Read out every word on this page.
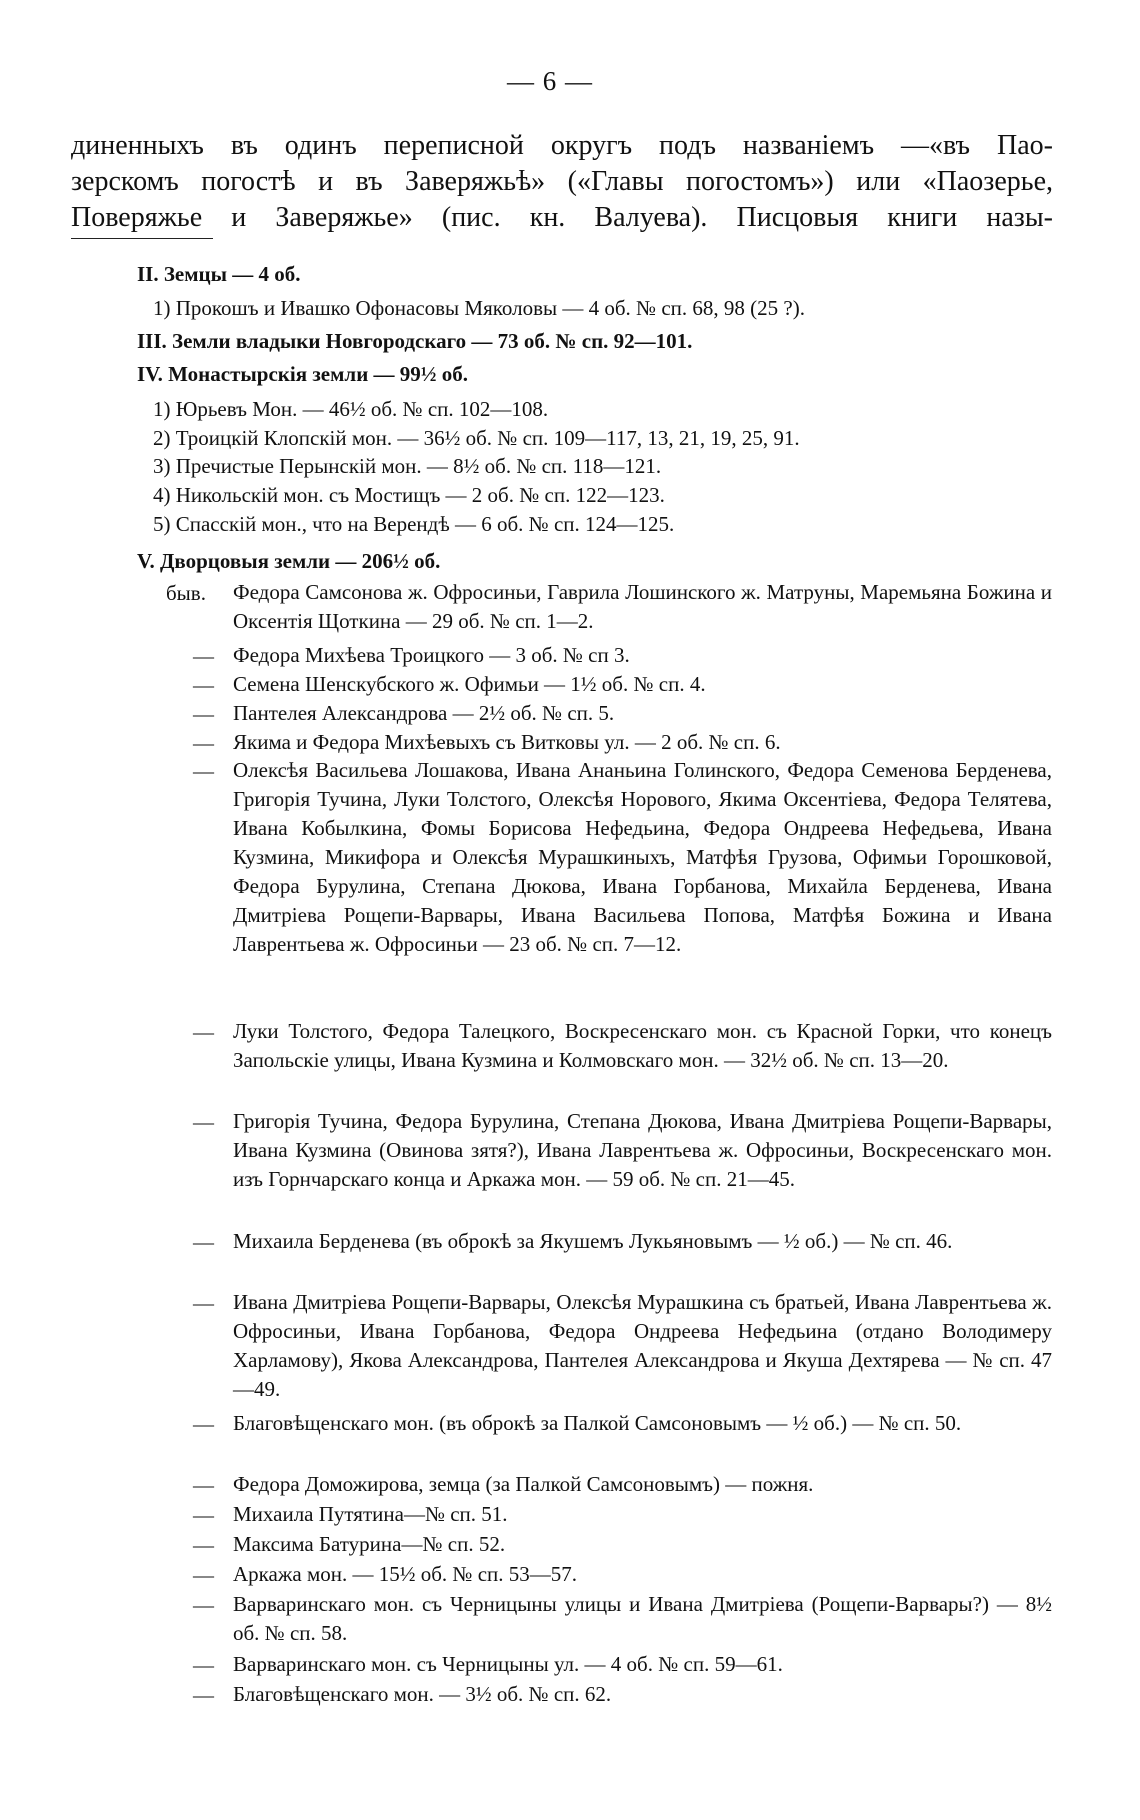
— 6 —
диненныхъ въ одинъ переписной округъ подъ названіемъ —«въ Пао-
зерскомъ погостѣ и въ Заверяжьѣ» («Главы погостомъ») или «Паозерье,
Поверяжье и Заверяжье» (пис. кн. Валуева). Писцовыя книги назы-
II. Земцы — 4 об.
1) Прокошъ и Ивашко Офонасовы Мяколовы — 4 об. № сп. 68, 98 (25 ?).
III. Земли владыки Новгородскаго — 73 об. № сп. 92—101.
IV. Монастырскія земли — 99½ об.
1) Юрьевъ Мон. — 46½ об. № сп. 102—108.
2) Троицкій Клопскій мон. — 36½ об. № сп. 109—117, 13, 21, 19, 25, 91.
3) Пречистые Перынскій мон. — 8½ об. № сп. 118—121.
4) Никольскій мон. съ Мостищъ — 2 об. № сп. 122—123.
5) Спасскій мон., что на Верендѣ — 6 об. № сп. 124—125.
V. Дворцовыя земли — 206½ об.
быв. Федора Самсонова ж. Офросиньи, Гаврила Лошинского ж. Матруны, Маремьяна Божина и Оксентія Щоткина — 29 об. № сп. 1—2.
— Федора Михѣева Троицкого — 3 об. № сп 3.
— Семена Шенскубского ж. Офимьи — 1½ об. № сп. 4.
— Пантелея Александрова — 2½ об. № сп. 5.
— Якима и Федора Михѣевыхъ съ Витковы ул. — 2 об. № сп. 6.
— Олексѣя Васильева Лошакова, Ивана Ананьина Голинского, Федора Семенова Берденева, Григорія Тучина, Луки Толстого, Олексѣя Норового, Якима Оксентіева, Федора Телятева, Ивана Кобылкина, Фомы Борисова Нефедьина, Федора Ондреева Нефедьева, Ивана Кузмина, Микифора и Олексѣя Мурашкиныхъ, Матфѣя Грузова, Офимьи Горошковой, Федора Бурулина, Степана Дюкова, Ивана Горбанова, Михайла Берденева, Ивана Дмитріева Рощепи-Варвары, Ивана Васильева Попова, Матфѣя Божина и Ивана Лаврентьева ж. Офросиньи — 23 об. № сп. 7—12.
— Луки Толстого, Федора Талецкого, Воскресенскаго мон. съ Красной Горки, что конецъ Запольскіе улицы, Ивана Кузмина и Колмовскаго мон. — 32½ об. № сп. 13—20.
— Григорія Тучина, Федора Бурулина, Степана Дюкова, Ивана Дмитріева Рощепи-Варвары, Ивана Кузмина (Овинова зятя?), Ивана Лаврентьева ж. Офросиньи, Воскресенскаго мон. изъ Горнчарскаго конца и Аркажа мон. — 59 об. № сп. 21—45.
— Михаила Берденева (въ оброкѣ за Якушемъ Лукьяновымъ — ½ об.) — № сп. 46.
— Ивана Дмитріева Рощепи-Варвары, Олексѣя Мурашкина съ братьей, Ивана Лаврентьева ж. Офросиньи, Ивана Горбанова, Федора Ондреева Нефедьина (отдано Володимеру Харламову), Якова Александрова, Пантелея Александрова и Якуша Дехтярева — № сп. 47—49.
— Благовѣщенскаго мон. (въ оброкѣ за Палкой Самсоновымъ — ½ об.) — № сп. 50.
— Федора Доможирова, земца (за Палкой Самсоновымъ) — пожня.
— Михаила Путятина—№ сп. 51.
— Максима Батурина—№ сп. 52.
— Аркажа мон. — 15½ об. № сп. 53—57.
— Варваринскаго мон. съ Черницыны улицы и Ивана Дмитріева (Рощепи-Варвары?) — 8½ об. № сп. 58.
— Варваринскаго мон. съ Черницыны ул. — 4 об. № сп. 59—61.
— Благовѣщенскаго мон. — 3½ об. № сп. 62.
